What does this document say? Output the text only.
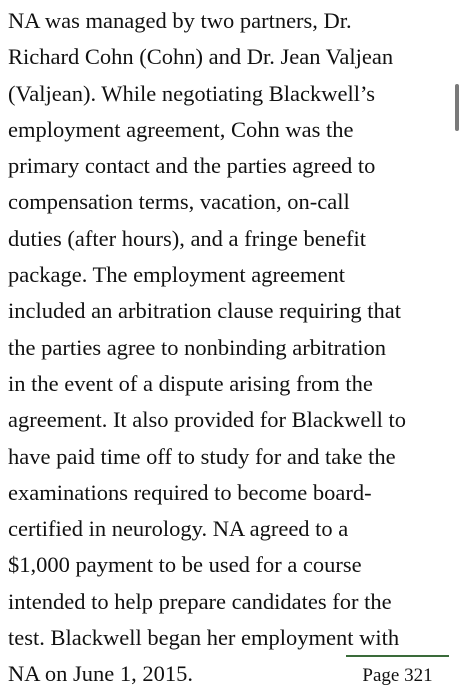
NA was managed by two partners, Dr.
Richard Cohn (Cohn) and Dr. Jean Valjean
(Valjean). While negotiating Blackwell’s
employment agreement, Cohn was the
primary contact and the parties agreed to
compensation terms, vacation, on-call
duties (after hours), and a fringe benefit
package. The employment agreement
included an arbitration clause requiring that
the parties agree to nonbinding arbitration
in the event of a dispute arising from the
agreement. It also provided for Blackwell to
have paid time off to study for and take the
examinations required to become board-
certified in neurology. NA agreed to a
$1,000 payment to be used for a course
intended to help prepare candidates for the
test. Blackwell began her employment with
NA on June 1, 2015.	Page 321
